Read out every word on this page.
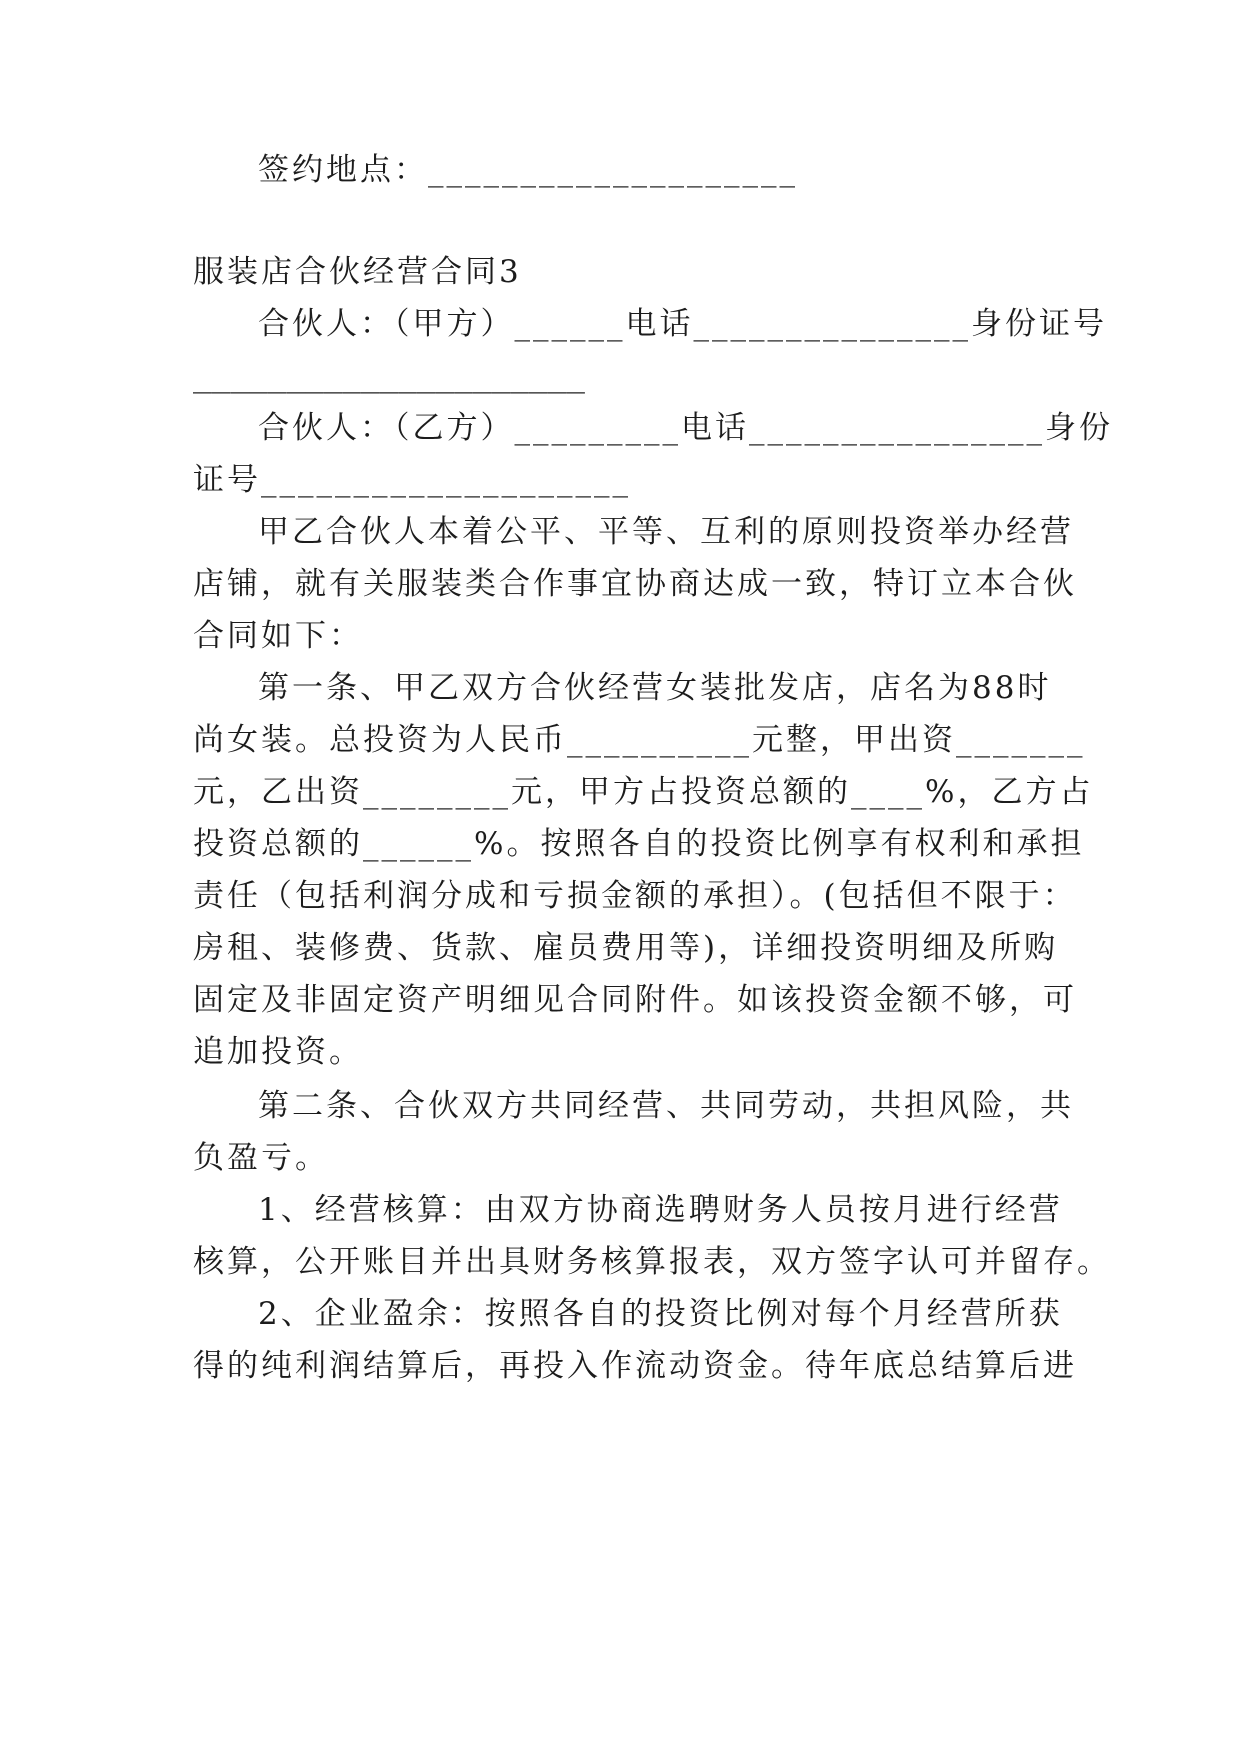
签约地点：____________________
服装店合伙经营合同3
合伙人：（甲方）______电话_______________身份证号
_____________________
合伙人：（乙方）_________电话________________身份
证号____________________
甲乙合伙人本着公平、平等、互利的原则投资举办经营
店铺，就有关服装类合作事宜协商达成一致，特订立本合伙
合同如下：
第一条、甲乙双方合伙经营女装批发店，店名为88时
尚女装。总投资为人民币__________元整，甲出资_______
元，乙出资________元，甲方占投资总额的____%，乙方占
投资总额的______%。按照各自的投资比例享有权利和承担
责任（包括利润分成和亏损金额的承担）。(包括但不限于：
房租、装修费、货款、雇员费用等)，详细投资明细及所购
固定及非固定资产明细见合同附件。如该投资金额不够，可
追加投资。
第二条、合伙双方共同经营、共同劳动，共担风险，共
负盈亏。
1、经营核算：由双方协商选聘财务人员按月进行经营
核算，公开账目并出具财务核算报表，双方签字认可并留存。
2、企业盈余：按照各自的投资比例对每个月经营所获
得的纯利润结算后，再投入作流动资金。待年底总结算后进
